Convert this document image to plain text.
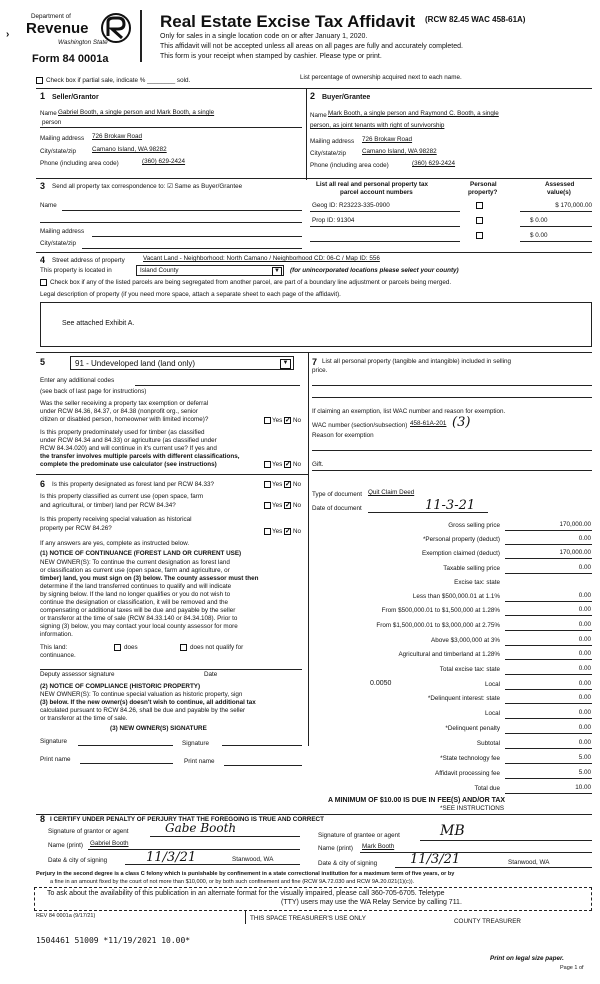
Department of
Revenue
Washington State
Form 84 0001a
Real Estate Excise Tax Affidavit (RCW 82.45 WAC 458-61A)
Only for sales in a single location code on or after January 1, 2020.
This affidavit will not be accepted unless all areas on all pages are fully and accurately completed.
This form is your receipt when stamped by cashier. Please type or print.
Check box if partial sale, indicate % ________ sold.	List percentage of ownership acquired next to each name.
1 Seller/Grantor
Name Gabriel Booth, a single person and Mark Booth, a single
person
Mailing address 726 Brokaw Road
City/state/zip	Camano Island, WA 98282
Phone (including area code)	(360) 629-2424
2 Buyer/Grantee
Name Mark Booth, a single person and Raymond C. Booth, a single
person, as joint tenants with right of survivorship
Mailing address 726 Brokaw Road
City/state/zip	Camano Island, WA 98282
Phone (including area code)	(360) 629-2424
3 Send all property tax correspondence to: ☑ Same as Buyer/Grantee
Name
Mailing address
City/state/zip
List all real and personal property tax
parcel account numbers
Personal
property?
Assessed
value(s)
Geog ID: R23223-335-0900	$ 170,000.00
Prop ID: 91304	$ 0.00
$ 0.00
4 Street address of property	Vacant Land - Neighborhood: North Camano / Neighborhood CD: 06-C / Map ID: 556
This property is located in	Island County	▼	(for unincorporated locations please select your county)
Check box if any of the listed parcels are being segregated from another parcel, are part of a boundary line adjustment or parcels being merged.
Legal description of property (if you need more space, attach a separate sheet to each page of the affidavit).
See attached Exhibit A.
5	91 - Undeveloped land (land only)	▼
Enter any additional codes
(see back of last page for instructions)
Was the seller receiving a property tax exemption or deferral
under RCW 84.36, 84.37, or 84.38 (nonprofit org., senior
citizen or disabled person, homeowner with limited income)?	Yes ✓ No
Is this property predominately used for timber (as classified
under RCW 84.34 and 84.33) or agriculture (as classified under
RCW 84.34.020) and will continue in it's current use? If yes and
the transfer involves multiple parcels with different classifications,
complete the predominate use calculator (see instructions)	Yes ✓ No
6 Is this property designated as forest land per RCW 84.33?	Yes ✓ No
Is this property classified as current use (open space, farm
and agricultural, or timber) land per RCW 84.34?	Yes ✓ No
Is this property receiving special valuation as historical
property per RCW 84.26?	Yes ✓ No
If any answers are yes, complete as instructed below.
(1) NOTICE OF CONTINUANCE (FOREST LAND OR CURRENT USE)
NEW OWNER(S): To continue the current designation as forest land
or classification as current use (open space, farm and agriculture, or
timber) land, you must sign on (3) below. The county assessor must then
determine if the land transferred continues to qualify and will indicate
by signing below. If the land no longer qualifies or you do not wish to
continue the designation or classification, it will be removed and the
compensating or additional taxes will be due and payable by the seller
or transferor at the time of sale (RCW 84.33.140 or 84.34.108). Prior to
signing (3) below, you may contact your local county assessor for more
information.
This land:
continuance.
does	does not qualify for
Deputy assessor signature	Date
(2) NOTICE OF COMPLIANCE (HISTORIC PROPERTY)
NEW OWNER(S): To continue special valuation as historic property, sign
(3) below. If the new owner(s) doesn't wish to continue, all additional tax
calculated pursuant to RCW 84.26, shall be due and payable by the seller
or transferor at the time of sale.
(3) NEW OWNER(S) SIGNATURE
Signature	Signature
Print name	Print name
7 List all personal property (tangible and intangible) included in selling
price.
If claiming an exemption, list WAC number and reason for exemption.
WAC number (section/subsection) 458-61A-201 (3)
Reason for exemption
Gift.
Type of document Quit Claim Deed
Date of document	11-3-21
Gross selling price	170,000.00
*Personal property (deduct)	0.00
Exemption claimed (deduct)	170,000.00
Taxable selling price	0.00
Excise tax: state
Less than $500,000.01 at 1.1%	0.00
From $500,000.01 to $1,500,000 at 1.28%	0.00
From $1,500,000.01 to $3,000,000 at 2.75%	0.00
Above $3,000,000 at 3%	0.00
Agricultural and timberland at 1.28%	0.00
Total excise tax: state	0.00
0.0050	Local	0.00
*Delinquent interest: state	0.00
Local	0.00
*Delinquent penalty	0.00
Subtotal	0.00
*State technology fee	5.00
Affidavit processing fee	5.00
Total due	10.00
A MINIMUM OF $10.00 IS DUE IN FEE(S) AND/OR TAX
*SEE INSTRUCTIONS
8 I CERTIFY UNDER PENALTY OF PERJURY THAT THE FOREGOING IS TRUE AND CORRECT
Signature of grantor or agent	Gabe Booth
Name (print) Gabriel Booth
Date & city of signing	11/3/21	Stanwood, WA
Signature of grantee or agent	MB
Name (print) Mark Booth
Date & city of signing	11/3/21	Stanwood, WA
Perjury in the second degree is a class C felony which is punishable by confinement in a state correctional institution for a maximum term of five years, or by
a fine in an amount fixed by the court of not more than $10,000, or by both such confinement and fine (RCW 9A.72.030 and RCW 9A.20.021(1)(c)).
To ask about the availability of this publication in an alternate format for the visually impaired, please call 360-705-6705. Teletype
(TTY) users may use the WA Relay Service by calling 711.
REV 84 0001a (9/17/21)	THIS SPACE TREASURER'S USE ONLY	COUNTY TREASURER
1504461 51009 *11/19/2021 10.00*
Print on legal size paper.
Page 1 of
›
